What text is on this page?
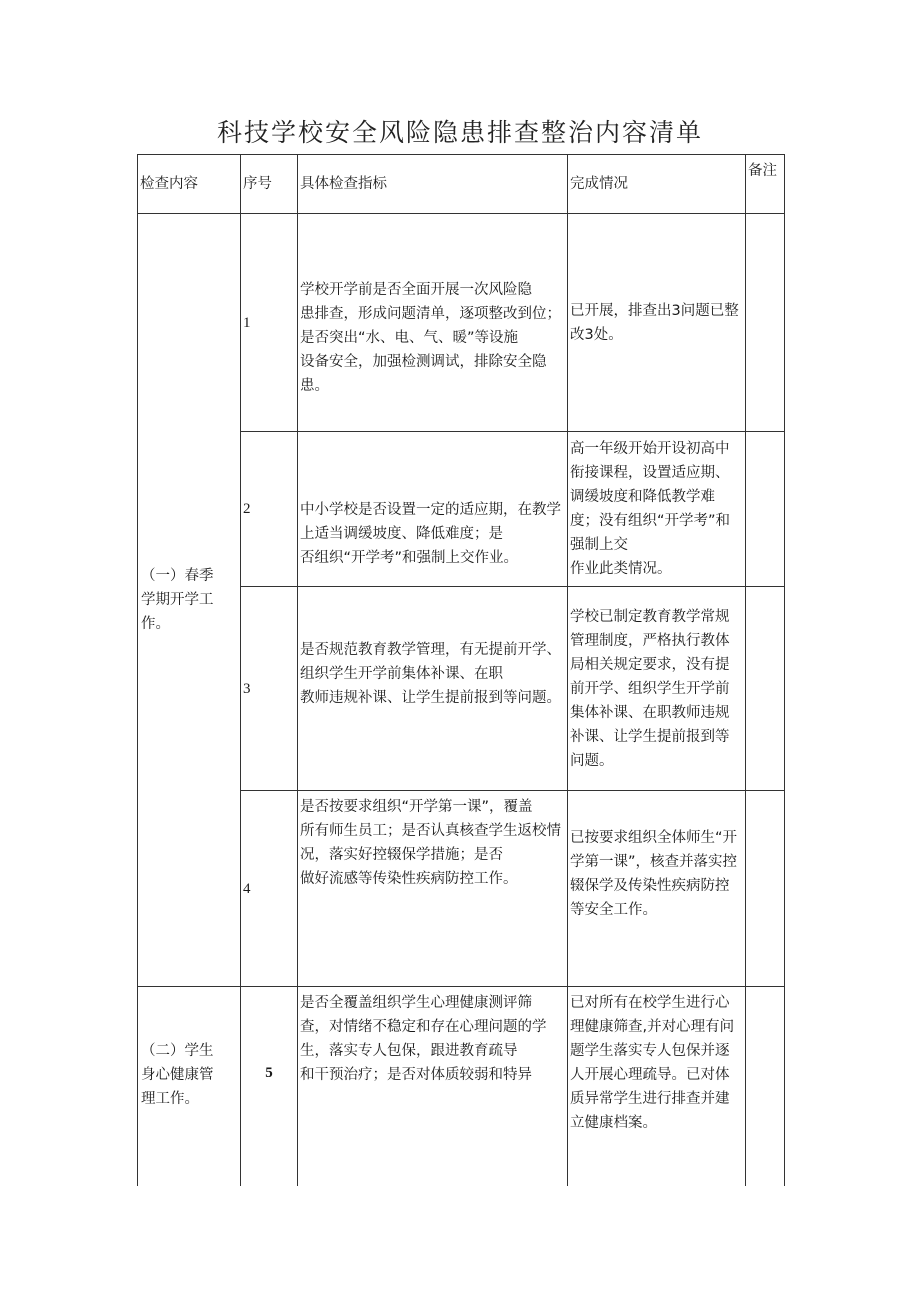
科技学校安全风险隐患排查整治内容清单
检查内容	序号	具体检查指标	完成情况	备注
（一）春季
学期开学工
作。	1	学校开学前是否全面开展一次风险隐
患排查，形成问题清单，逐项整改到位；是否突出“水、电、气、暖”等设施
设备安全，加强检测调试，排除安全隐患。	已开展，排查出3问题已整改3处。	
	2	中小学校是否设置一定的适应期，在教学上适当调缓坡度、降低难度；是
否组织“开学考”和强制上交作业。	高一年级开始开设初高中衔接课程，设置适应期、调缓坡度和降低教学难度；没有组织“开学考”和强制上交
作业此类情况。	
	3	是否规范教育教学管理，有无提前开学、组织学生开学前集体补课、在职
教师违规补课、让学生提前报到等问题。	学校已制定教育教学常规管理制度，严格执行教体局相关规定要求，没有提前开学、组织学生开学前集体补课、在职教师违规补课、让学生提前报到等问题。	
	4	是否按要求组织“开学第一课”，覆盖
所有师生员工；是否认真核查学生返校情况，落实好控辍保学措施；是否
做好流感等传染性疾病防控工作。	已按要求组织全体师生“开学第一课”，核查并落实控辍保学及传染性疾病防控等安全工作。	
（二）学生
身心健康管
理工作。	5	是否全覆盖组织学生心理健康测评筛
查，对情绪不稳定和存在心理问题的学生，落实专人包保，跟进教育疏导
和干预治疗；是否对体质较弱和特异	已对所有在校学生进行心理健康筛查,并对心理有问题学生落实专人包保并逐人开展心理疏导。已对体质异常学生进行排查并建立健康档案。	
